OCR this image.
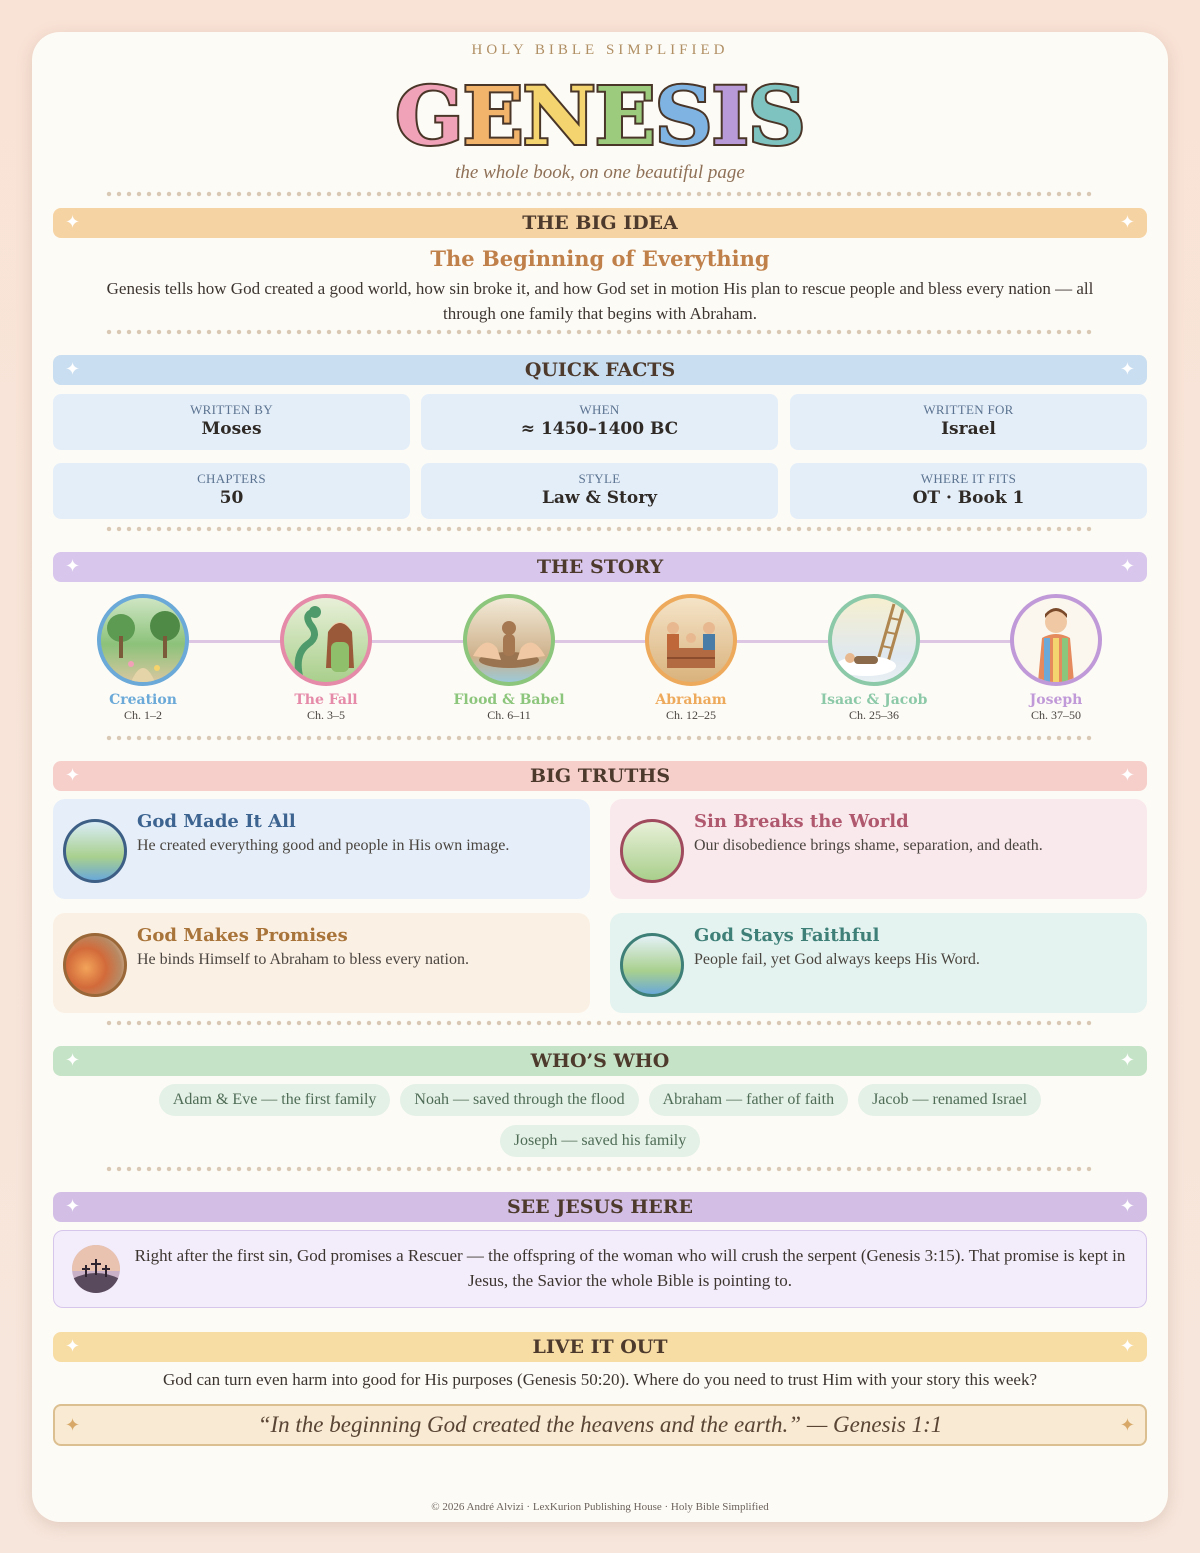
HOLY BIBLE SIMPLIFIED
GENESIS
the whole book, on one beautiful page
✦	THE BIG IDEA	✦
The Beginning of Everything
Genesis tells how God created a good world, how sin broke it, and how God set in motion His plan to rescue people and bless every nation — all through one family that begins with Abraham.
✦	QUICK FACTS	✦
WRITTEN BY
Moses
WHEN
≈ 1450–1400 BC
WRITTEN FOR
Israel
CHAPTERS
50
STYLE
Law & Story
WHERE IT FITS
OT · Book 1
✦	THE STORY	✦
Creation
Ch. 1–2
The Fall
Ch. 3–5
Flood & Babel
Ch. 6–11
Abraham
Ch. 12–25
Isaac & Jacob
Ch. 25–36
Joseph
Ch. 37–50
✦	BIG TRUTHS	✦
God Made It All
He created everything good and people in His own image.
Sin Breaks the World
Our disobedience brings shame, separation, and death.
God Makes Promises
He binds Himself to Abraham to bless every nation.
God Stays Faithful
People fail, yet God always keeps His Word.
✦	WHO’S WHO	✦
Adam & Eve — the first family Noah — saved through the flood Abraham — father of faith Jacob — renamed Israel
Joseph — saved his family
✦	SEE JESUS HERE	✦
Right after the first sin, God promises a Rescuer — the offspring of the woman who will crush the serpent (Genesis 3:15). That promise is kept in Jesus, the Savior the whole Bible is pointing to.
✦	LIVE IT OUT	✦
God can turn even harm into good for His purposes (Genesis 50:20). Where do you need to trust Him with your story this week?
✦	“In the beginning God created the heavens and the earth.” — Genesis 1:1	✦
© 2026 André Alvizi · LexKurion Publishing House · Holy Bible Simplified
